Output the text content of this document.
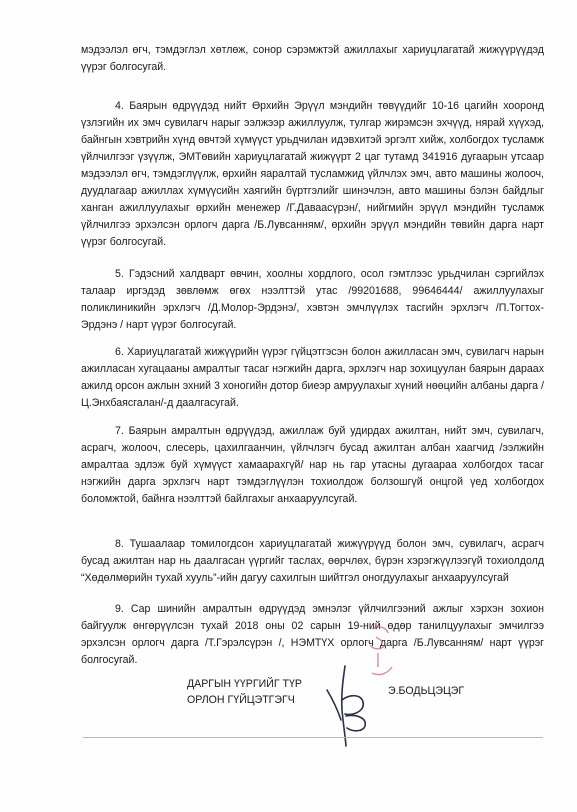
мэдээлэл өгч, тэмдэглэл хөтлөж, сонор сэрэмжтэй ажиллахыг хариуцлагатай жижүүрүүдэд үүрэг болгосугай.

4. Баярын өдрүүдэд нийт Өрхийн Эрүүл мэндийн төвүүдийг 10-16 цагийн хооронд үзлэгийн их эмч сувилагч нарыг ээлжээр ажиллуулж, тулгар жирэмсэн эхчүүд, нярай хүүхэд, байнгын хэвтрийн хүнд өвчтэй хүмүүст урьдчилан идэвхитэй эргэлт хийж, холбогдох тусламж үйлчилгээг үзүүлж, ЭМТөвийн хариуцлагатай жижүүрт 2 цаг тутамд 341916 дугаарын утсаар мэдээлэл өгч, тэмдэглүүлж, өрхийн яаралтай тусламжид үйлчлэх эмч, авто машины жолооч, дуудлагаар ажиллах хүмүүсийн хаягийн бүртгэлийг шинэчлэн, авто машины бэлэн байдлыг ханган ажиллуулахыг өрхийн менежер /Г.Даваасүрэн/, нийгмийн эрүүл мэндийн тусламж үйлчилгээ эрхэлсэн орлогч дарга /Б.Лувсанням/, өрхийн эрүүл мэндийн төвийн дарга нарт үүрэг болгосугай.

5. Гэдэсний халдварт өвчин, хоолны хордлого, осол гэмтлээс урьдчилан сэргийлэх талаар иргэдэд зөвлөмж өгөх нээлттэй утас /99201688, 99646444/ ажиллуулахыг поликлиникийн эрхлэгч /Д.Молор-Эрдэнэ/, хэвтэн эмчлүүлэх тасгийн эрхлэгч /П.Тогтох-Эрдэнэ / нарт үүрэг болгосугай.

6. Хариуцлагатай жижүүрийн үүрэг гүйцэтгэсэн болон ажилласан эмч, сувилагч нарын ажилласан хугацааны амралтыг тасаг нэгжийн дарга, эрхлэгч нар зохицуулан баярын дараах ажилд орсон ажлын эхний 3 хоногийн дотор биеэр амруулахыг хүний нөөцийн албаны дарга /Ц.Энхбаясгалан/-д даалгасугай.

7. Баярын амралтын өдрүүдэд, ажиллаж буй удирдах ажилтан, нийт эмч, сувилагч, асрагч, жолооч, слесерь, цахилгаанчин, үйлчлэгч бусад ажилтан албан хаагчид /ээлжийн амралтаа эдлэж буй хүмүүст хамаарахгүй/ нар нь гар утасны дугаараа холбогдох тасаг нэгжийн дарга эрхлэгч нарт тэмдэглүүлэн тохиолдож болзошгүй онцгой үед холбогдох боломжтой, байнга нээлттэй байлгахыг анхааруулсугай.

8. Тушаалаар томилогдсон хариуцлагатай жижүүрүүд болон эмч, сувилагч, асрагч бусад ажилтан нар нь даалгасан үүргийг таслах, өөрчлөх, бүрэн хэрэгжүүлээгүй тохиолдолд “Хөдөлмөрийн тухай хууль”-ийн дагуу сахилгын шийтгэл оногдуулахыг анхааруулсугай

9. Сар шинийн амралтын өдрүүдэд эмнэлэг үйлчилгээний ажлыг хэрхэн зохион байгуулж өнгөрүүлсэн тухай 2018 оны 02 сарын 19-ний өдөр танилцуулахыг эмчилгээ эрхэлсэн орлогч дарга /Т.Гэрэлсүрэн /, НЭМТҮХ орлогч дарга /Б.Лувсанням/ нарт үүрэг болгосугай.

ДАРГЫН ҮҮРГИЙГ ТҮР
ОРЛОН ГҮЙЦЭТГЭГЧ

Э.БОДЬЦЭЦЭГ
